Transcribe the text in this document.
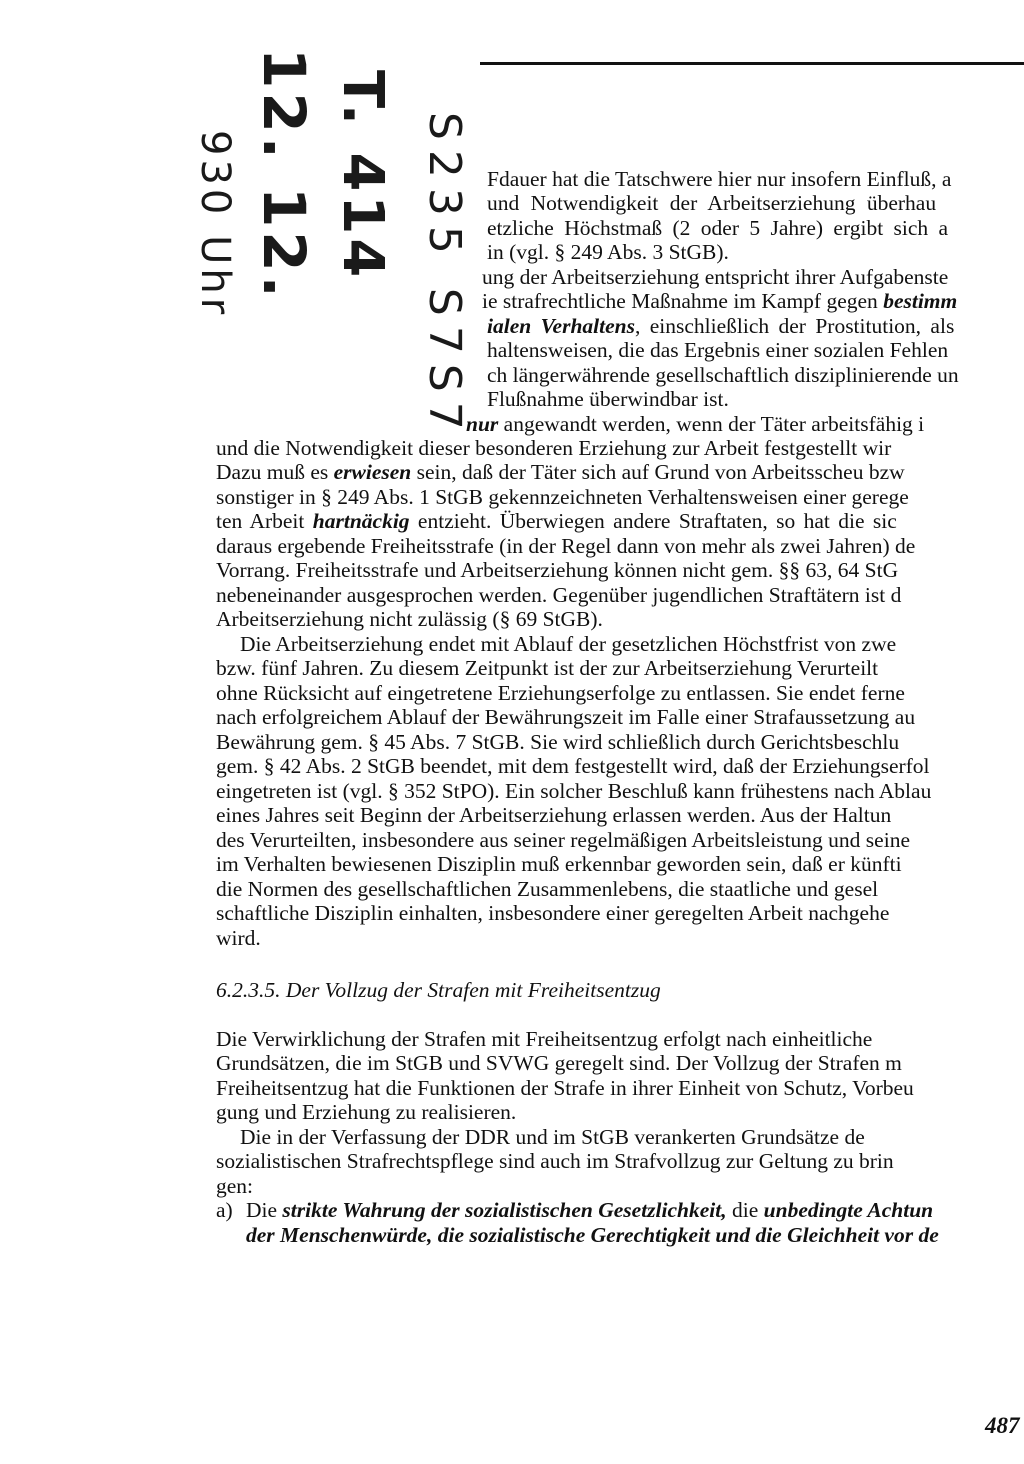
T. 414
12. 12.
930 Uhr	S235 S7S7 Fdauer hat die Tatschwere hier nur insofern Einfluß, a
und Notwendigkeit der Arbeitserziehung überhau
etzliche Höchstmaß (2 oder 5 Jahre) ergibt sich a
in (vgl. § 249 Abs. 3 StGB).
ung der Arbeitserziehung entspricht ihrer Aufgabenste
ie strafrechtliche Maßnahme im Kampf gegen bestimm
ialen Verhaltens, einschließlich der Prostitution, als
haltensweisen, die das Ergebnis einer sozialen Fehlen
ch längerwährende gesellschaftlich disziplinierende un
Flußnahme überwindbar ist.
nur angewandt werden, wenn der Täter arbeitsfähig i
und die Notwendigkeit dieser besonderen Erziehung zur Arbeit festgestellt wir
Dazu muß es erwiesen sein, daß der Täter sich auf Grund von Arbeitsscheu bzw
sonstiger in § 249 Abs. 1 StGB gekennzeichneten Verhaltensweisen einer gerege
ten Arbeit hartnäckig entzieht. Überwiegen andere Straftaten, so hat die sic
daraus ergebende Freiheitsstrafe (in der Regel dann von mehr als zwei Jahren) de
Vorrang. Freiheitsstrafe und Arbeitserziehung können nicht gem. §§ 63, 64 StG
nebeneinander ausgesprochen werden. Gegenüber jugendlichen Straftätern ist d
Arbeitserziehung nicht zulässig (§ 69 StGB).
Die Arbeitserziehung endet mit Ablauf der gesetzlichen Höchstfrist von zwe
bzw. fünf Jahren. Zu diesem Zeitpunkt ist der zur Arbeitserziehung Verurteilt
ohne Rücksicht auf eingetretene Erziehungserfolge zu entlassen. Sie endet ferne
nach erfolgreichem Ablauf der Bewährungszeit im Falle einer Strafaussetzung au
Bewährung gem. § 45 Abs. 7 StGB. Sie wird schließlich durch Gerichtsbeschlu
gem. § 42 Abs. 2 StGB beendet, mit dem festgestellt wird, daß der Erziehungserfol
eingetreten ist (vgl. § 352 StPO). Ein solcher Beschluß kann frühestens nach Ablau
eines Jahres seit Beginn der Arbeitserziehung erlassen werden. Aus der Haltun
des Verurteilten, insbesondere aus seiner regelmäßigen Arbeitsleistung und seine
im Verhalten bewiesenen Disziplin muß erkennbar geworden sein, daß er künfti
die Normen des gesellschaftlichen Zusammenlebens, die staatliche und gesel
schaftliche Disziplin einhalten, insbesondere einer geregelten Arbeit nachgehe
wird.
6.2.3.5. Der Vollzug der Strafen mit Freiheitsentzug
Die Verwirklichung der Strafen mit Freiheitsentzug erfolgt nach einheitliche
Grundsätzen, die im StGB und SVWG geregelt sind. Der Vollzug der Strafen m
Freiheitsentzug hat die Funktionen der Strafe in ihrer Einheit von Schutz, Vorbeu
gung und Erziehung zu realisieren.
Die in der Verfassung der DDR und im StGB verankerten Grundsätze de
sozialistischen Strafrechtspflege sind auch im Strafvollzug zur Geltung zu brin
gen:
a) Die strikte Wahrung der sozialistischen Gesetzlichkeit, die unbedingte Achtun
der Menschenwürde, die sozialistische Gerechtigkeit und die Gleichheit vor de
487
